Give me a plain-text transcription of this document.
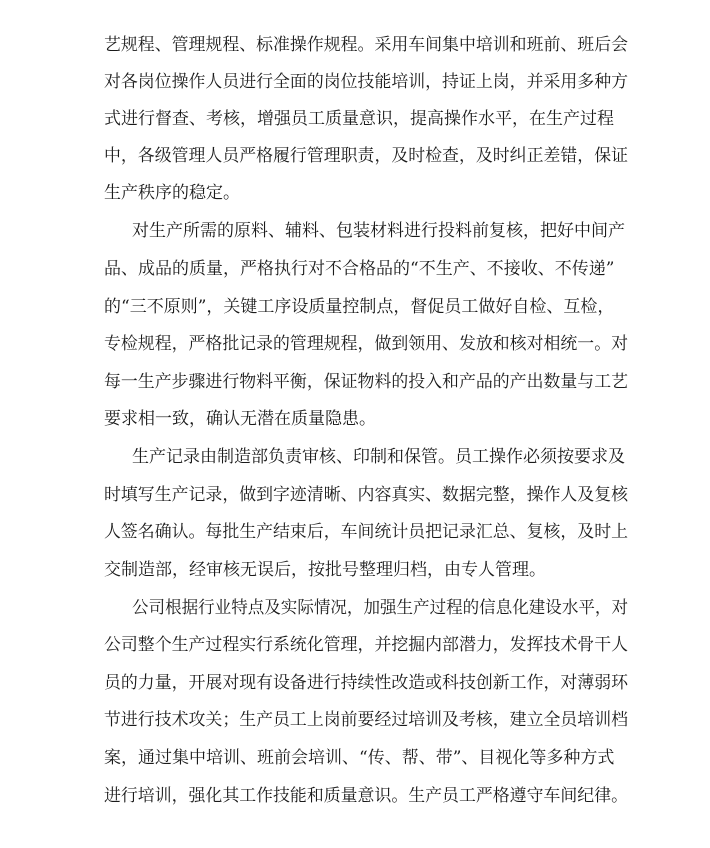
艺规程、管理规程、标准操作规程。采用车间集中培训和班前、班后会
对各岗位操作人员进行全面的岗位技能培训，持证上岗，并采用多种方
式进行督查、考核，增强员工质量意识，提高操作水平，在生产过程
中，各级管理人员严格履行管理职责，及时检查，及时纠正差错，保证
生产秩序的稳定。
对生产所需的原料、辅料、包装材料进行投料前复核，把好中间产
品、成品的质量，严格执行对不合格品的“不生产、不接收、不传递”
的“三不原则”，关键工序设质量控制点，督促员工做好自检、互检，
专检规程，严格批记录的管理规程，做到领用、发放和核对相统一。对
每一生产步骤进行物料平衡，保证物料的投入和产品的产出数量与工艺
要求相一致，确认无潜在质量隐患。
生产记录由制造部负责审核、印制和保管。员工操作必须按要求及
时填写生产记录，做到字迹清晰、内容真实、数据完整，操作人及复核
人签名确认。每批生产结束后，车间统计员把记录汇总、复核，及时上
交制造部，经审核无误后，按批号整理归档，由专人管理。
公司根据行业特点及实际情况，加强生产过程的信息化建设水平，对
公司整个生产过程实行系统化管理，并挖掘内部潜力，发挥技术骨干人
员的力量，开展对现有设备进行持续性改造或科技创新工作，对薄弱环
节进行技术攻关；生产员工上岗前要经过培训及考核，建立全员培训档
案，通过集中培训、班前会培训、“传、帮、带”、目视化等多种方式
进行培训，强化其工作技能和质量意识。生产员工严格遵守车间纪律。
